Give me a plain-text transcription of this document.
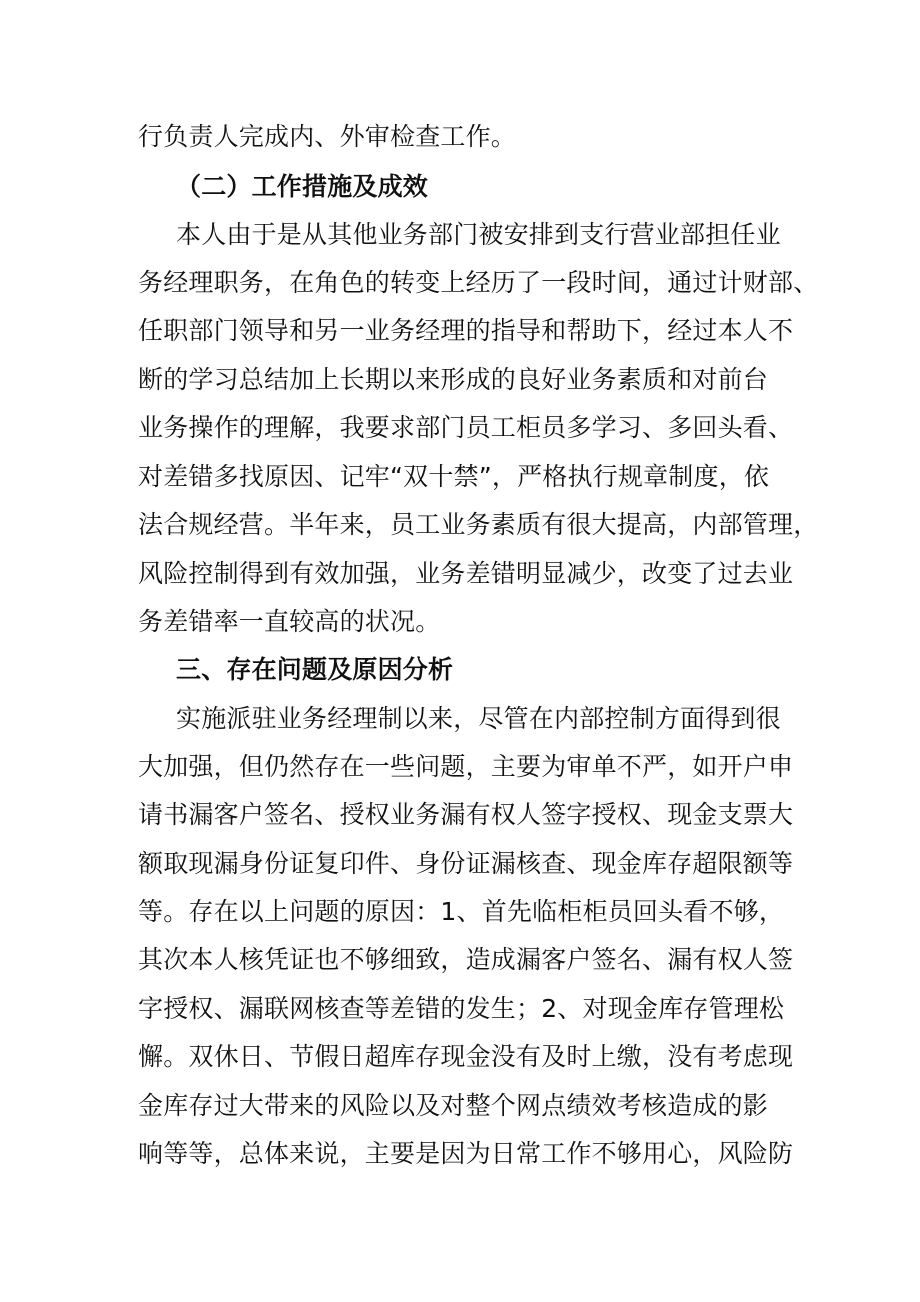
行负责人完成内、外审检查工作。
（二）工作措施及成效
本人由于是从其他业务部门被安排到支行营业部担任业
务经理职务，在角色的转变上经历了一段时间，通过计财部、
任职部门领导和另一业务经理的指导和帮助下，经过本人不
断的学习总结加上长期以来形成的良好业务素质和对前台
业务操作的理解，我要求部门员工柜员多学习、多回头看、
对差错多找原因、记牢“双十禁”，严格执行规章制度，依
法合规经营。半年来，员工业务素质有很大提高，内部管理，
风险控制得到有效加强，业务差错明显减少，改变了过去业
务差错率一直较高的状况。
三、存在问题及原因分析
实施派驻业务经理制以来，尽管在内部控制方面得到很
大加强，但仍然存在一些问题，主要为审单不严，如开户申
请书漏客户签名、授权业务漏有权人签字授权、现金支票大
额取现漏身份证复印件、身份证漏核查、现金库存超限额等
等。存在以上问题的原因：1、首先临柜柜员回头看不够，
其次本人核凭证也不够细致，造成漏客户签名、漏有权人签
字授权、漏联网核查等差错的发生；2、对现金库存管理松
懈。双休日、节假日超库存现金没有及时上缴，没有考虑现
金库存过大带来的风险以及对整个网点绩效考核造成的影
响等等，总体来说，主要是因为日常工作不够用心，风险防
